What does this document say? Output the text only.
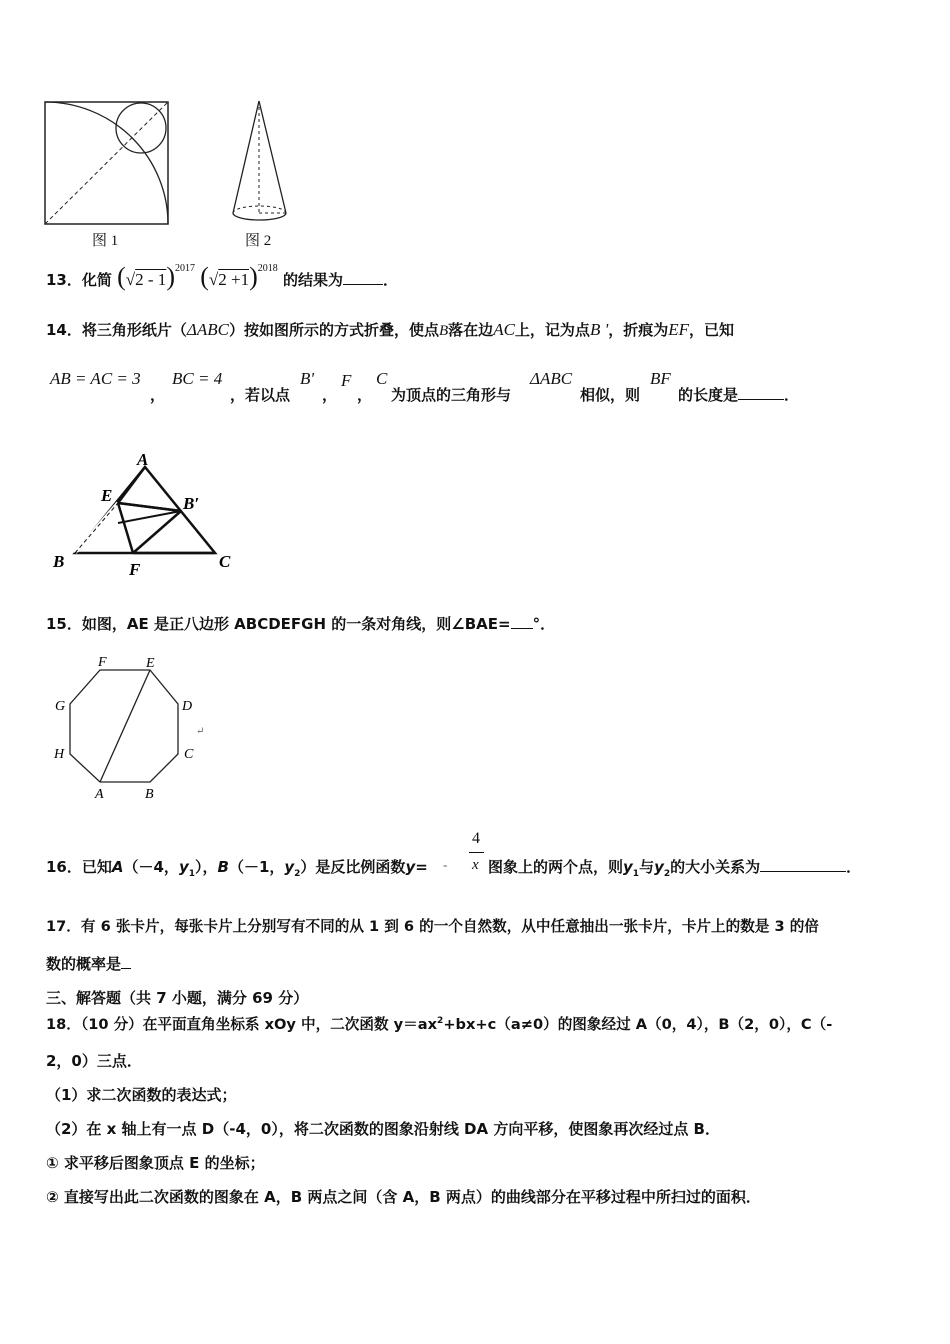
图 1	图 2
13．化简 (√2 - 1)$^{2017}$ $(√2 +1)^{2018}$ 的结果为	．
14．将三角形纸片（ΔABC）按如图所示的方式折叠，使点B落在边AC上，记为点B '，折痕为EF，已知
AB = AC = 3
，
BC = 4
，若以点
B'
，
F
，
C
为顶点的三角形与
ΔABC
相似，则
BF
的长度是	．
A
E	B′
B	F	C
15．如图，AE 是正八边形 ABCDEFGH 的一条对角线，则∠BAE= °．
A	B
C
D
E
F
G
H
↵
16．已知A（－4，$y_1$），B（－1，$y_2$）是反比例函数y= -
4
x 图象上的两个点，则$y_1$与$y_2$的大小关系为	．
17．有 6 张卡片，每张卡片上分别写有不同的从 1 到 6 的一个自然数，从中任意抽出一张卡片，卡片上的数是 3 的倍
数的概率是
三、解答题（共 7 小题，满分 69 分）
18．（10 分）在平面直角坐标系 xOy 中，二次函数 $y=ax^2+bx+c(a\ne 0)$的图象经过 A（0，4），B（2，0），C（-
2，0）三点．
（1）求二次函数的表达式；
（2）在 x 轴上有一点 D（-4，0），将二次函数的图象沿射线 DA 方向平移，使图象再次经过点 B．
① 求平移后图象顶点 E 的坐标；
② 直接写出此二次函数的图象在 A，B 两点之间（含 A，B 两点）的曲线部分在平移过程中所扫过的面积．
